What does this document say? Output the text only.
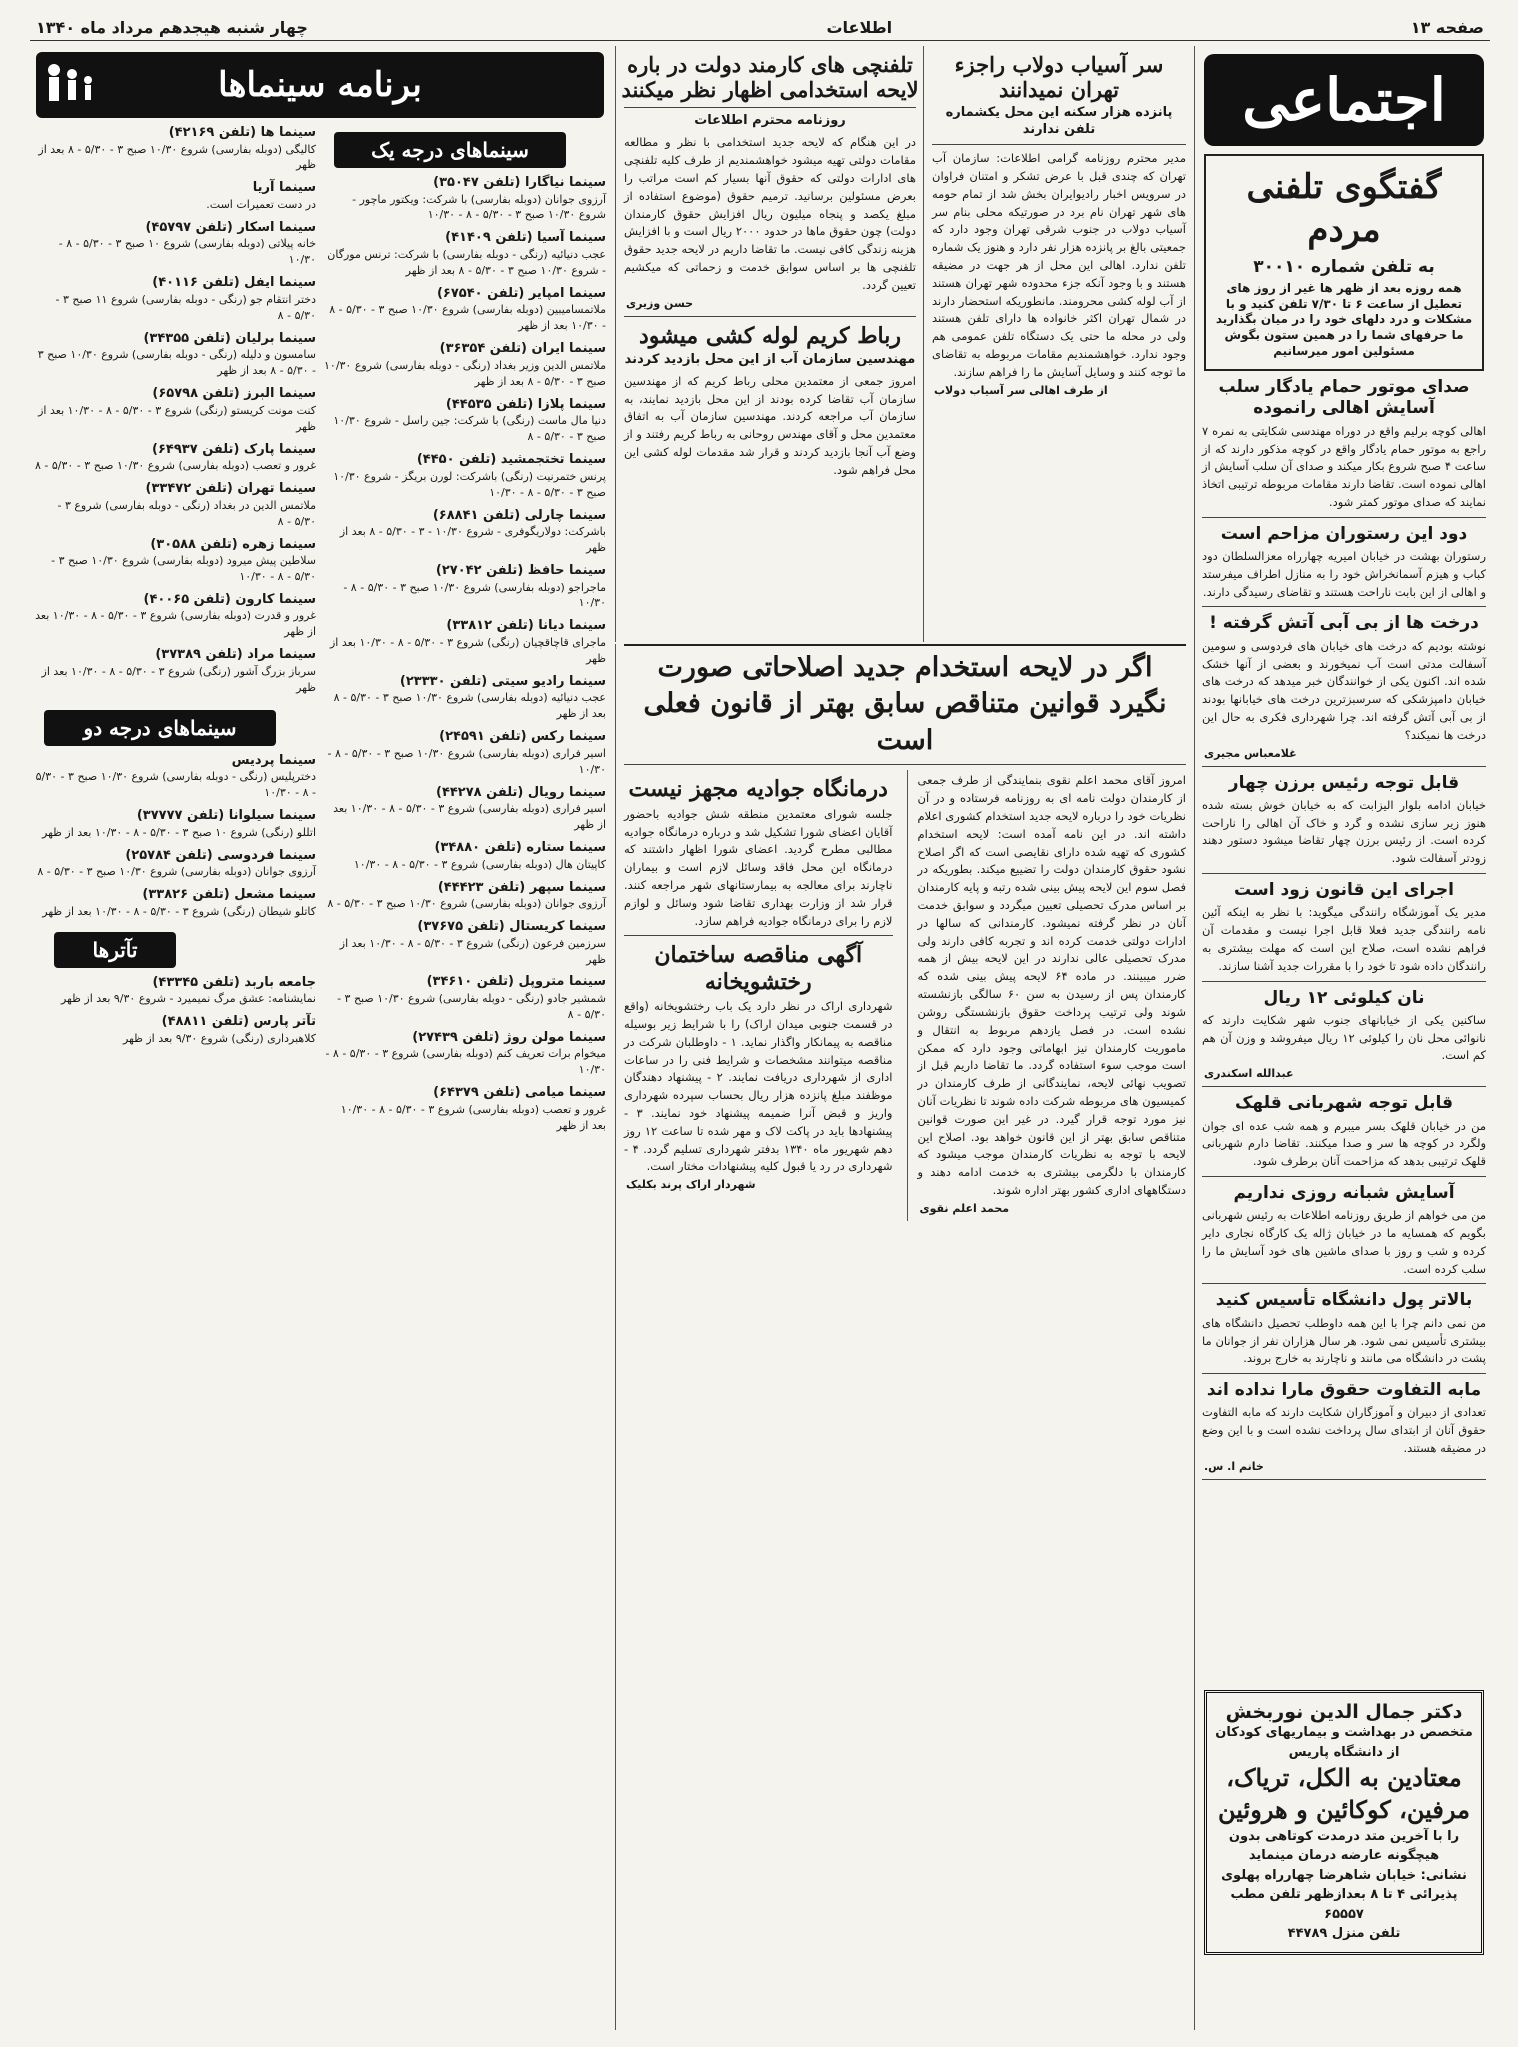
صفحه ۱۳
اطلاعات
چهار شنبه هیجدهم مرداد ماه ۱۳۴۰
اجتماعی
گفتگوی تلفنی مردم
به تلفن شماره ۳۰۰۱۰
همه روزه بعد از ظهر ها غیر از روز های تعطیل از ساعت ۶ تا ۷/۳۰ تلفن کنید و با مشکلات و درد دلهای خود را در میان بگذارید ما حرفهای شما را در همین ستون بگوش مسئولین امور میرسانیم
صدای موتور حمام یادگار سلب آسایش اهالی رانموده
اهالی کوچه برلیم واقع در دوراه مهندسی شکایتی به نمره ۷ راجع به موتور حمام یادگار واقع در کوچه مذکور دارند که از ساعت ۴ صبح شروع بکار میکند و صدای آن سلب آسایش از اهالی نموده است. تقاضا دارند مقامات مربوطه ترتیبی اتخاذ نمایند که صدای موتور کمتر شود.
دود این رستوران مزاحم است
رستوران بهشت در خیابان امیریه چهارراه معزالسلطان دود کباب و هیزم آسمانخراش خود را به منازل اطراف میفرستد و اهالی از این بابت ناراحت هستند و تقاضای رسیدگی دارند.
درخت ها از بی آبی آتش گرفته !
نوشته بودیم که درخت های خیابان های فردوسی و سومین آسفالت مدتی است آب نمیخورند و بعضی از آنها خشک شده اند. اکنون یکی از خوانندگان خبر میدهد که درخت های خیابان دامپزشکی که سرسبزترین درخت های خیابانها بودند از بی آبی آتش گرفته اند. چرا شهرداری فکری به حال این درخت ها نمیکند؟
غلامعباس مجیری
قابل توجه رئیس برزن چهار
خیابان ادامه بلوار الیزابت که به خیابان خوش بسته شده هنوز زیر سازی نشده و گرد و خاک آن اهالی را ناراحت کرده است. از رئیس برزن چهار تقاضا میشود دستور دهند زودتر آسفالت شود.
اجرای این قانون زود است
مدیر یک آموزشگاه رانندگی میگوید: با نظر به اینکه آئین نامه رانندگی جدید فعلا قابل اجرا نیست و مقدمات آن فراهم نشده است، صلاح این است که مهلت بیشتری به رانندگان داده شود تا خود را با مقررات جدید آشنا سازند.
نان کیلوئی ۱۲ ریال
ساکنین یکی از خیابانهای جنوب شهر شکایت دارند که نانوائی محل نان را کیلوئی ۱۲ ریال میفروشد و وزن آن هم کم است.
عبدالله اسکندری
قابل توجه شهربانی قلهک
من در خیابان قلهک بسر میبرم و همه شب عده ای جوان ولگرد در کوچه ها سر و صدا میکنند. تقاضا دارم شهربانی قلهک ترتیبی بدهد که مزاحمت آنان برطرف شود.
آسایش شبانه روزی نداریم
من می خواهم از طریق روزنامه اطلاعات به رئیس شهربانی بگویم که همسایه ما در خیابان ژاله یک کارگاه نجاری دایر کرده و شب و روز با صدای ماشین های خود آسایش ما را سلب کرده است.
بالاتر پول دانشگاه تأسیس کنید
من نمی دانم چرا با این همه داوطلب تحصیل دانشگاه های بیشتری تأسیس نمی شود. هر سال هزاران نفر از جوانان ما پشت در دانشگاه می مانند و ناچارند به خارج بروند.
مابه التفاوت حقوق مارا نداده اند
تعدادی از دبیران و آموزگاران شکایت دارند که مابه التفاوت حقوق آنان از ابتدای سال پرداخت نشده است و با این وضع در مضیقه هستند.
خانم ا. س.
دکتر جمال الدین نوربخش
متخصص در بهداشت و بیماریهای کودکان
از دانشگاه پاریس
معتادین به الکل، تریاک، مرفین، کوکائین و هروئین
را با آخرین متد درمدت کوتاهی بدون هیچگونه عارضه درمان مینماید
نشانی: خیابان شاهرضا چهارراه پهلوی
پذیرائی ۴ تا ۸ بعدازظهر تلفن مطب ۶۵۵۵۷
تلفن منزل ۴۴۷۸۹
سر آسیاب دولاب راجزء تهران نمیدانند
پانزده هزار سکنه این محل یکشماره تلفن ندارند
مدیر محترم روزنامه گرامی اطلاعات: سازمان آب تهران که چندی قبل با عرض تشکر و امتنان فراوان در سرویس اخبار رادیوایران بخش شد از تمام حومه های شهر تهران نام برد در صورتیکه محلی بنام سر آسیاب دولاب در جنوب شرقی تهران وجود دارد که جمعیتی بالغ بر پانزده هزار نفر دارد و هنوز یک شماره تلفن ندارد. اهالی این محل از هر جهت در مضیقه هستند و با وجود آنکه جزء محدوده شهر تهران هستند از آب لوله کشی محرومند. مانطوریکه استحضار دارند در شمال تهران اکثر خانواده ها دارای تلفن هستند ولی در محله ما حتی یک دستگاه تلفن عمومی هم وجود ندارد. خواهشمندیم مقامات مربوطه به تقاضای ما توجه کنند و وسایل آسایش ما را فراهم سازند.
از طرف اهالی سر آسیاب دولاب
تلفنچی های کارمند دولت در باره لایحه استخدامی اظهار نظر میکنند
روزنامه محترم اطلاعات
در این هنگام که لایحه جدید استخدامی با نظر و مطالعه مقامات دولتی تهیه میشود خواهشمندیم از طرف کلیه تلفنچی های ادارات دولتی که حقوق آنها بسیار کم است مراتب را بعرض مسئولین برسانید. ترمیم حقوق (موضوع استفاده از مبلغ یکصد و پنجاه میلیون ریال افزایش حقوق کارمندان دولت) چون حقوق ماها در حدود ۲۰۰۰ ریال است و با افزایش هزینه زندگی کافی نیست. ما تقاضا داریم در لایحه جدید حقوق تلفنچی ها بر اساس سوابق خدمت و زحماتی که میکشیم تعیین گردد.
حسن وزیری
رباط کریم لوله کشی میشود
مهندسین سازمان آب از این محل بازدید کردند
امروز جمعی از معتمدین محلی رباط کریم که از مهندسین سازمان آب تقاضا کرده بودند از این محل بازدید نمایند، به سازمان آب مراجعه کردند. مهندسین سازمان آب به اتفاق معتمدین محل و آقای مهندس روحانی به رباط کریم رفتند و از وضع آب آنجا بازدید کردند و قرار شد مقدمات لوله کشی این محل فراهم شود.
اگر در لایحه استخدام جدید اصلاحاتی صورت نگیرد قوانین متناقص سابق بهتر از قانون فعلی است
امروز آقای محمد اعلم نقوی بنمایندگی از طرف جمعی از کارمندان دولت نامه ای به روزنامه فرستاده و در آن نظریات خود را درباره لایحه جدید استخدام کشوری اعلام داشته اند. در این نامه آمده است: لایحه استخدام کشوری که تهیه شده دارای نقایصی است که اگر اصلاح نشود حقوق کارمندان دولت را تضییع میکند. بطوریکه در فصل سوم این لایحه پیش بینی شده رتبه و پایه کارمندان بر اساس مدرک تحصیلی تعیین میگردد و سوابق خدمت آنان در نظر گرفته نمیشود. کارمندانی که سالها در ادارات دولتی خدمت کرده اند و تجربه کافی دارند ولی مدرک تحصیلی عالی ندارند در این لایحه بیش از همه ضرر میبینند. در ماده ۶۴ لایحه پیش بینی شده که کارمندان پس از رسیدن به سن ۶۰ سالگی بازنشسته شوند ولی ترتیب پرداخت حقوق بازنشستگی روشن نشده است. در فصل یازدهم مربوط به انتقال و ماموریت کارمندان نیز ابهاماتی وجود دارد که ممکن است موجب سوء استفاده گردد. ما تقاضا داریم قبل از تصویب نهائی لایحه، نمایندگانی از طرف کارمندان در کمیسیون های مربوطه شرکت داده شوند تا نظریات آنان نیز مورد توجه قرار گیرد. در غیر این صورت قوانین متناقص سابق بهتر از این قانون خواهد بود. اصلاح این لایحه با توجه به نظریات کارمندان موجب میشود که کارمندان با دلگرمی بیشتری به خدمت ادامه دهند و دستگاههای اداری کشور بهتر اداره شوند.
محمد اعلم نقوی
درمانگاه جوادیه مجهز نیست
جلسه شورای معتمدین منطقه شش جوادیه باحضور آقایان اعضای شورا تشکیل شد و درباره درمانگاه جوادیه مطالبی مطرح گردید. اعضای شورا اظهار داشتند که درمانگاه این محل فاقد وسائل لازم است و بیماران ناچارند برای معالجه به بیمارستانهای شهر مراجعه کنند. قرار شد از وزارت بهداری تقاضا شود وسائل و لوازم لازم را برای درمانگاه جوادیه فراهم سازد.
آگهی مناقصه ساختمان رختشویخانه
شهرداری اراک در نظر دارد یک باب رختشویخانه (واقع در قسمت جنوبی میدان اراک) را با شرایط زیر بوسیله مناقصه به پیمانکار واگذار نماید. ۱ - داوطلبان شرکت در مناقصه میتوانند مشخصات و شرایط فنی را در ساعات اداری از شهرداری دریافت نمایند. ۲ - پیشنهاد دهندگان موظفند مبلغ پانزده هزار ریال بحساب سپرده شهرداری واریز و قبض آنرا ضمیمه پیشنهاد خود نمایند. ۳ - پیشنهادها باید در پاکت لاک و مهر شده تا ساعت ۱۲ روز دهم شهریور ماه ۱۳۴۰ بدفتر شهرداری تسلیم گردد. ۴ - شهرداری در رد یا قبول کلیه پیشنهادات مختار است.
شهردار اراک پرند بکلیک
برنامه سینماها
سینماهای درجه یک
سینما نیاگارا (تلفن ۳۵۰۴۷)
آرزوی جوانان (دوبله بفارسی) با شرکت: ویکتور ماچور - شروع ۱۰/۳۰ صبح ۳ - ۵/۳۰ - ۸ - ۱۰/۳۰
سینما آسیا (تلفن ۴۱۴۰۹)
عجب دنیائیه (رنگی - دوبله بفارسی) با شرکت: ترنس مورگان - شروع ۱۰/۳۰ صبح ۳ - ۵/۳۰ - ۸ بعد از ظهر
سینما امپایر (تلفن ۶۷۵۴۰)
ملاتمسامیبین (دوبله بفارسی) شروع ۱۰/۳۰ صبح ۳ - ۵/۳۰ - ۸ - ۱۰/۳۰ بعد از ظهر
سینما ایران (تلفن ۳۶۳۵۴)
ملاتمس الدین وزیر بغداد (رنگی - دوبله بفارسی) شروع ۱۰/۳۰ صبح ۳ - ۵/۳۰ - ۸ بعد از ظهر
سینما پلازا (تلفن ۴۴۵۳۵)
دنیا مال ماست (رنگی) با شرکت: جین راسل - شروع ۱۰/۳۰ صبح ۳ - ۵/۳۰ - ۸
سینما تختجمشید (تلفن ۴۴۵۰)
پرنس ختمرنیت (رنگی) باشرکت: لورن بریگز - شروع ۱۰/۳۰ صبح ۳ - ۵/۳۰ - ۸ - ۱۰/۳۰
سینما چارلی (تلفن ۶۸۸۴۱)
باشرکت: دولاریگوفری - شروع ۱۰/۳۰ - ۳ - ۵/۳۰ - ۸ بعد از ظهر
سینما حافظ (تلفن ۲۷۰۴۲)
ماجراجو (دوبله بفارسی) شروع ۱۰/۳۰ صبح ۳ - ۵/۳۰ - ۸ - ۱۰/۳۰
سینما دیانا (تلفن ۳۳۸۱۲)
ماجرای قاچاقچیان (رنگی) شروع ۳ - ۵/۳۰ - ۸ - ۱۰/۳۰ بعد از ظهر
سینما رادیو سیتی (تلفن ۲۳۳۳۰)
عجب دنیائیه (دوبله بفارسی) شروع ۱۰/۳۰ صبح ۳ - ۵/۳۰ - ۸ بعد از ظهر
سینما رکس (تلفن ۲۴۵۹۱)
اسیر فراری (دوبله بفارسی) شروع ۱۰/۳۰ صبح ۳ - ۵/۳۰ - ۸ - ۱۰/۳۰
سینما رویال (تلفن ۴۴۲۷۸)
اسیر فراری (دوبله بفارسی) شروع ۳ - ۵/۳۰ - ۸ - ۱۰/۳۰ بعد از ظهر
سینما ستاره (تلفن ۳۴۸۸۰)
کاپیتان هال (دوبله بفارسی) شروع ۳ - ۵/۳۰ - ۸ - ۱۰/۳۰
سینما سپهر (تلفن ۴۴۴۲۳)
آرزوی جوانان (دوبله بفارسی) شروع ۱۰/۳۰ صبح ۳ - ۵/۳۰ - ۸
سینما کریستال (تلفن ۳۷۶۷۵)
سرزمین فرعون (رنگی) شروع ۳ - ۵/۳۰ - ۸ - ۱۰/۳۰ بعد از ظهر
سینما متروپل (تلفن ۳۴۶۱۰)
شمشیر جادو (رنگی - دوبله بفارسی) شروع ۱۰/۳۰ صبح ۳ - ۵/۳۰ - ۸
سینما مولن روژ (تلفن ۲۷۴۳۹)
میخوام برات تعریف کنم (دوبله بفارسی) شروع ۳ - ۵/۳۰ - ۸ - ۱۰/۳۰
سینما میامی (تلفن ۶۴۳۷۹)
غرور و تعصب (دوبله بفارسی) شروع ۳ - ۵/۳۰ - ۸ - ۱۰/۳۰ بعد از ظهر
سینما ها (تلفن ۴۲۱۶۹)
کالیگی (دوبله بفارسی) شروع ۱۰/۳۰ صبح ۳ - ۵/۳۰ - ۸ بعد از ظهر
سینما آریا
در دست تعمیرات است.
سینما اسکار (تلفن ۴۵۷۹۷)
خانه پیلاتی (دوبله بفارسی) شروع ۱۰ صبح ۳ - ۵/۳۰ - ۸ - ۱۰/۳۰
سینما ایفل (تلفن ۴۰۱۱۶)
دختر انتقام جو (رنگی - دوبله بفارسی) شروع ۱۱ صبح ۳ - ۵/۳۰ - ۸
سینما برلیان (تلفن ۳۴۳۵۵)
سامسون و دلیله (رنگی - دوبله بفارسی) شروع ۱۰/۳۰ صبح ۳ - ۵/۳۰ - ۸ بعد از ظهر
سینما البرز (تلفن ۶۵۷۹۸)
کنت مونت کریستو (رنگی) شروع ۳ - ۵/۳۰ - ۸ - ۱۰/۳۰ بعد از ظهر
سینما پارک (تلفن ۶۴۹۳۷)
غرور و تعصب (دوبله بفارسی) شروع ۱۰/۳۰ صبح ۳ - ۵/۳۰ - ۸
سینما تهران (تلفن ۳۳۴۷۲)
ملاتمس الدین در بغداد (رنگی - دوبله بفارسی) شروع ۳ - ۵/۳۰ - ۸
سینما زهره (تلفن ۳۰۵۸۸)
سلاطین پیش میرود (دوبله بفارسی) شروع ۱۰/۳۰ صبح ۳ - ۵/۳۰ - ۸ - ۱۰/۳۰
سینما کارون (تلفن ۴۰۰۶۵)
غرور و قدرت (دوبله بفارسی) شروع ۳ - ۵/۳۰ - ۸ - ۱۰/۳۰ بعد از ظهر
سینما مراد (تلفن ۳۷۳۸۹)
سرباز بزرگ آشور (رنگی) شروع ۳ - ۵/۳۰ - ۸ - ۱۰/۳۰ بعد از ظهر
سینماهای درجه دو
سینما پردیس
دخترپلیس (رنگی - دوبله بفارسی) شروع ۱۰/۳۰ صبح ۳ - ۵/۳۰ - ۸ - ۱۰/۳۰
سینما سیلوانا (تلفن ۳۷۷۷۷)
اتللو (رنگی) شروع ۱۰ صبح ۳ - ۵/۳۰ - ۸ - ۱۰/۳۰ بعد از ظهر
سینما فردوسی (تلفن ۲۵۷۸۴)
آرزوی جوانان (دوبله بفارسی) شروع ۱۰/۳۰ صبح ۳ - ۵/۳۰ - ۸
سینما مشعل (تلفن ۳۳۸۲۶)
کاتلو شیطان (رنگی) شروع ۳ - ۵/۳۰ - ۸ - ۱۰/۳۰ بعد از ظهر
تآترها
جامعه باربد (تلفن ۴۳۳۴۵)
نمایشنامه: عشق مرگ نمیمیرد - شروع ۹/۳۰ بعد از ظهر
تآتر پارس (تلفن ۴۸۸۱۱)
کلاهبرداری (رنگی) شروع ۹/۳۰ بعد از ظهر
